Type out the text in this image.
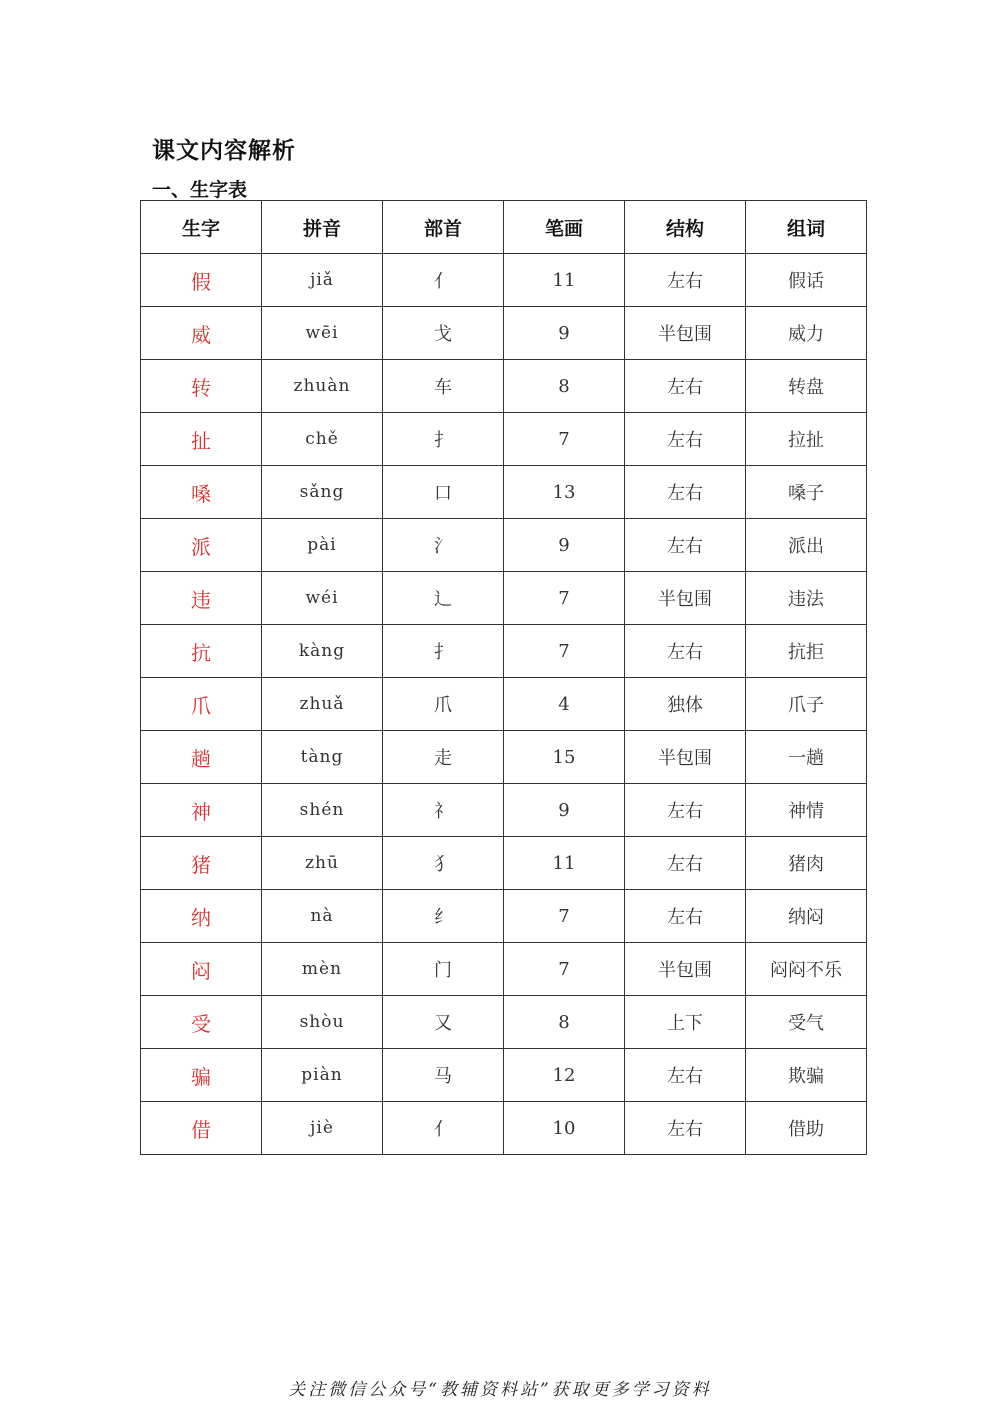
课文内容解析
一、生字表
生字	拼音	部首	笔画	结构	组词
假	jiǎ	亻	11	左右	假话
威	wēi	戈	9	半包围	威力
转	zhuàn	车	8	左右	转盘
扯	chě	扌	7	左右	拉扯
嗓	sǎng	口	13	左右	嗓子
派	pài	氵	9	左右	派出
违	wéi	辶	7	半包围	违法
抗	kàng	扌	7	左右	抗拒
爪	zhuǎ	爪	4	独体	爪子
趟	tàng	走	15	半包围	一趟
神	shén	礻	9	左右	神情
猪	zhū	犭	11	左右	猪肉
纳	nà	纟	7	左右	纳闷
闷	mèn	门	7	半包围	闷闷不乐
受	shòu	又	8	上下	受气
骗	piàn	马	12	左右	欺骗
借	jiè	亻	10	左右	借助
关注微信公众号“教辅资料站”获取更多学习资料
